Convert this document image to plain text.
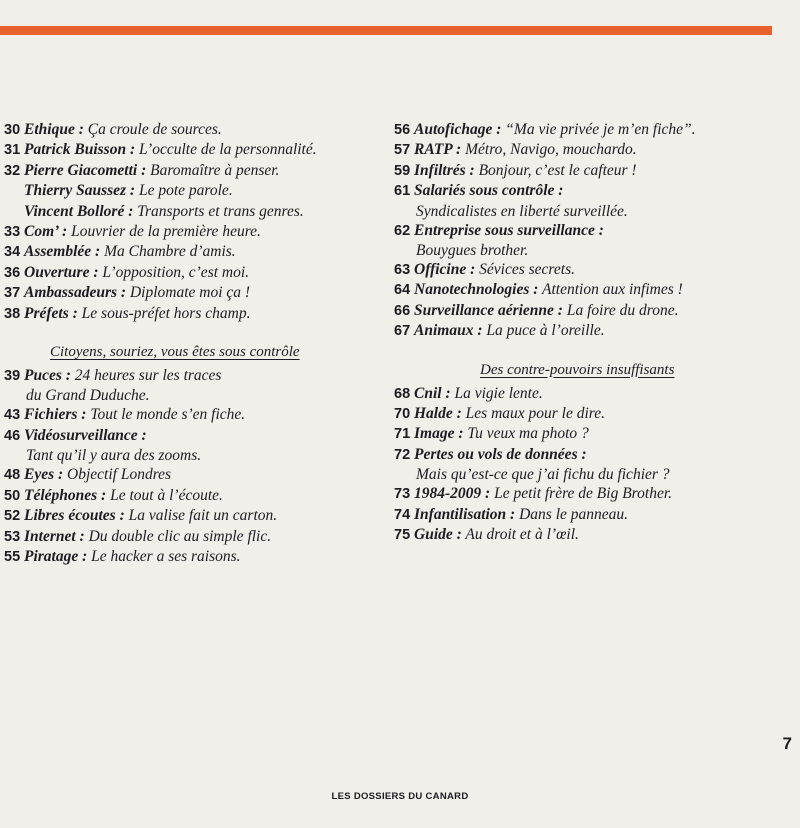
30 Ethique : Ça croule de sources.
31 Patrick Buisson : L’occulte de la personnalité.
32 Pierre Giacometti : Baromaître à penser.
Thierry Saussez : Le pote parole.
Vincent Bolloré : Transports et trans genres.
33 Com’ : Louvrier de la première heure.
34 Assemblée : Ma Chambre d’amis.
36 Ouverture : L’opposition, c’est moi.
37 Ambassadeurs : Diplomate moi ça !
38 Préfets : Le sous-préfet hors champ.
Citoyens, souriez, vous êtes sous contrôle
39 Puces : 24 heures sur les traces
du Grand Duduche.
43 Fichiers : Tout le monde s’en fiche.
46 Vidéosurveillance :
Tant qu’il y aura des zooms.
48 Eyes : Objectif Londres
50 Téléphones : Le tout à l’écoute.
52 Libres écoutes : La valise fait un carton.
53 Internet : Du double clic au simple flic.
55 Piratage : Le hacker a ses raisons.
56 Autofichage : “Ma vie privée je m’en fiche”.
57 RATP : Métro, Navigo, mouchardo.
59 Infiltrés : Bonjour, c’est le cafteur !
61 Salariés sous contrôle :
Syndicalistes en liberté surveillée.
62 Entreprise sous surveillance :
Bouygues brother.
63 Officine : Sévices secrets.
64 Nanotechnologies : Attention aux infimes !
66 Surveillance aérienne : La foire du drone.
67 Animaux : La puce à l’oreille.
Des contre-pouvoirs insuffisants
68 Cnil : La vigie lente.
70 Halde : Les maux pour le dire.
71 Image : Tu veux ma photo ?
72 Pertes ou vols de données :
Mais qu’est-ce que j’ai fichu du fichier ?
73 1984-2009 : Le petit frère de Big Brother.
74 Infantilisation : Dans le panneau.
75 Guide : Au droit et à l’œil.
7
LES DOSSIERS DU CANARD
